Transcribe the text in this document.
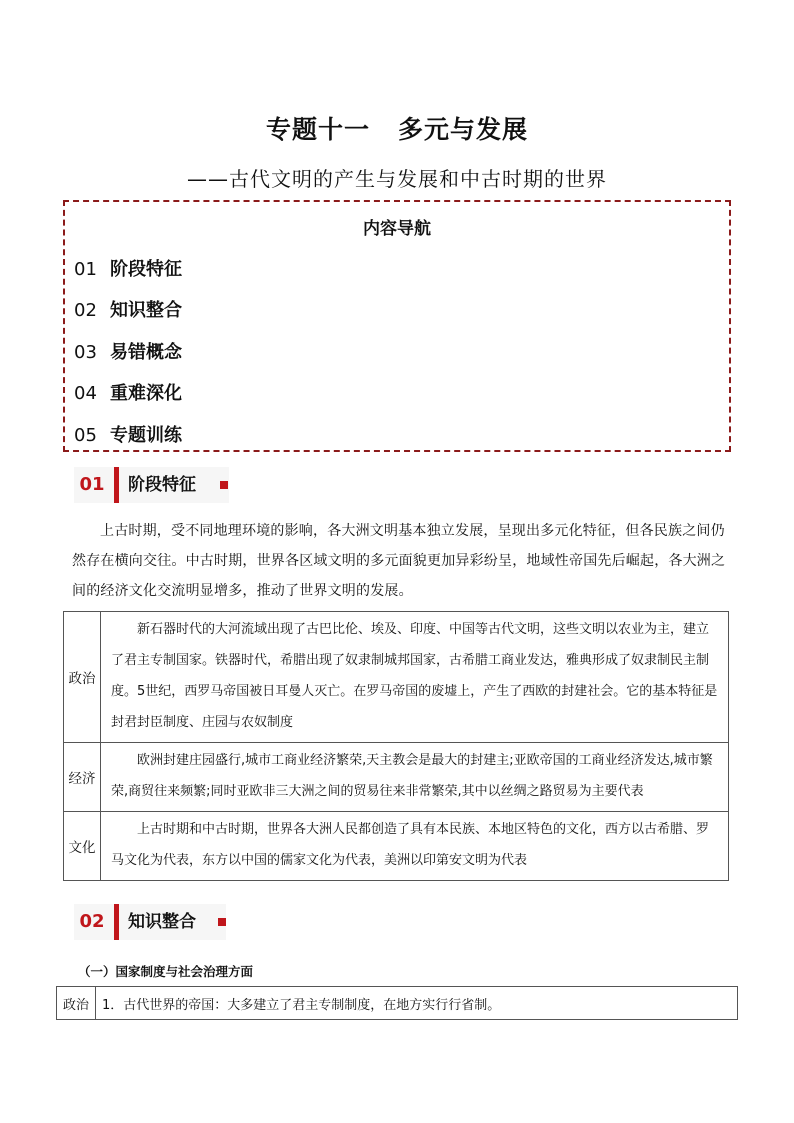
专题十一 多元与发展
——古代文明的产生与发展和中古时期的世界
内容导航
01 阶段特征
02 知识整合
03 易错概念
04 重难深化
05 专题训练
01	阶段特征
上古时期，受不同地理环境的影响，各大洲文明基本独立发展，呈现出多元化特征，但各民族之间仍然存在横向交往。中古时期，世界各区域文明的多元面貌更加异彩纷呈，地域性帝国先后崛起，各大洲之间的经济文化交流明显增多，推动了世界文明的发展。
政治	新石器时代的大河流域出现了古巴比伦、埃及、印度、中国等古代文明，这些文明以农业为主，建立了君主专制国家。铁器时代，希腊出现了奴隶制城邦国家，古希腊工商业发达，雅典形成了奴隶制民主制度。5世纪，西罗马帝国被日耳曼人灭亡。在罗马帝国的废墟上，产生了西欧的封建社会。它的基本特征是封君封臣制度、庄园与农奴制度
经济	欧洲封建庄园盛行,城市工商业经济繁荣,天主教会是最大的封建主;亚欧帝国的工商业经济发达,城市繁荣,商贸往来频繁;同时亚欧非三大洲之间的贸易往来非常繁荣,其中以丝绸之路贸易为主要代表
文化	上古时期和中古时期，世界各大洲人民都创造了具有本民族、本地区特色的文化，西方以古希腊、罗马文化为代表，东方以中国的儒家文化为代表，美洲以印第安文明为代表
02	知识整合
（一）国家制度与社会治理方面
政治	1．古代世界的帝国：大多建立了君主专制制度，在地方实行行省制。
